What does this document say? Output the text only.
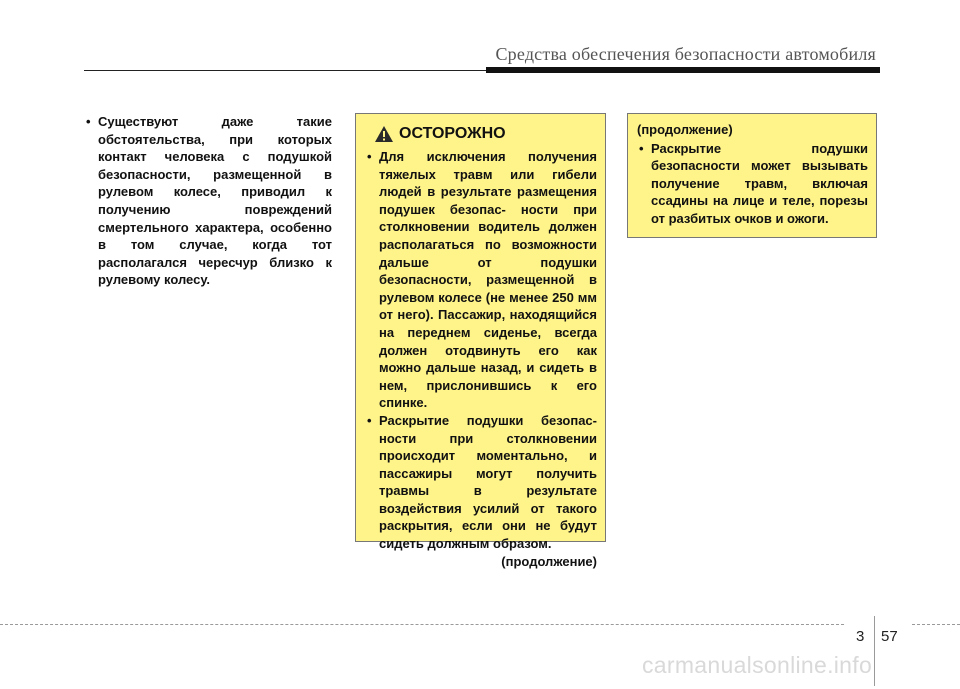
Средства обеспечения безопасности автомобиля
• Существуют даже такие обстоятельства, при которых контакт человека с подушкой безопасности, размещенной в рулевом колесе, приводил к получению повреждений смертельного характера, особенно в том случае, когда тот располагался чересчур близко к рулевому колесу.
ОСТОРОЖНО
• Для исключения получения тяжелых травм или гибели людей в результате размещения подушек безопас- ности при столкновении водитель должен располагаться по возможности дальше от подушки безопасности, размещенной в рулевом колесе (не менее 250 мм от него). Пассажир, находящийся на переднем сиденье, всегда должен отодвинуть его как можно дальше назад, и сидеть в нем, прислонившись к его спинке.
• Раскрытие подушки безопас- ности при столкновении происходит моментально, и пассажиры могут получить травмы в результате воздействия усилий от такого раскрытия, если они не будут сидеть должным образом.
(продолжение)
(продолжение)
• Раскрытие подушки безопасности может вызывать получение травм, включая ссадины на лице и теле, порезы от разбитых очков и ожоги.
3 57
carmanualsonline.info
